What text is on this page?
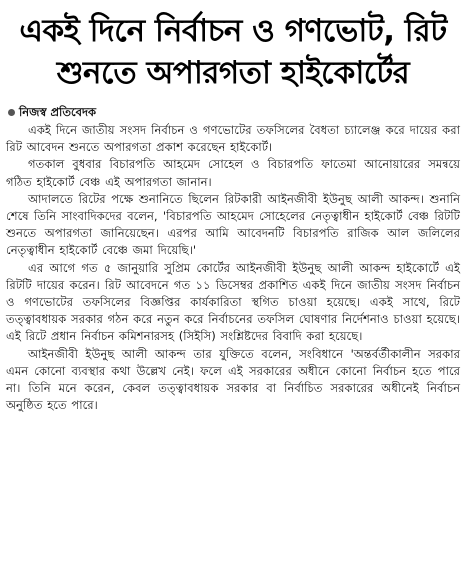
একই দিনে নির্বাচন ও গণভোট, রিট
শুনতে অপারগতা হাইকোর্টের
নিজস্ব প্রতিবেদক

একই দিনে জাতীয় সংসদ নির্বাচন ও গণভোটের তফসিলের বৈধতা চ্যালেঞ্জ করে দায়ের করা রিট আবেদন শুনতে অপারগতা প্রকাশ করেছেন হাইকোর্ট।

গতকাল বুধবার বিচারপতি আহমেদ সোহেল ও বিচারপতি ফাতেমা আনোয়ারের সমন্বয়ে গঠিত হাইকোর্ট বেঞ্চ এই অপারগতা জানান।

আদালতে রিটের পক্ষে শুনানিতে ছিলেন রিটকারী আইনজীবী ইউনুছ আলী আকন্দ। শুনানি শেষে তিনি সাংবাদিকদের বলেন, 'বিচারপতি আহমেদ সোহেলের নেতৃত্বাধীন হাইকোর্ট বেঞ্চ রিটটি শুনতে অপারগতা জানিয়েছেন। এরপর আমি আবেদনটি বিচারপতি রাজিক আল জলিলের নেতৃত্বাধীন হাইকোর্ট বেঞ্চে জমা দিয়েছি।'

এর আগে গত ৫ জানুয়ারি সুপ্রিম কোর্টের আইনজীবী ইউনুছ আলী আকন্দ হাইকোর্টে এই রিটটি দায়ের করেন। রিট আবেদনে গত ১১ ডিসেম্বর প্রকাশিত একই দিনে জাতীয় সংসদ নির্বাচন ও গণভোটের তফসিলের বিজ্ঞপ্তির কার্যকারিতা স্থগিত চাওয়া হয়েছে। একই সাথে, রিটে তত্ত্বাবধায়ক সরকার গঠন করে নতুন করে নির্বাচনের তফসিল ঘোষণার নির্দেশনাও চাওয়া হয়েছে। এই রিটে প্রধান নির্বাচন কমিশনারসহ (সিইসি) সংশ্লিষ্টদের বিবাদি করা হয়েছে।

আইনজীবী ইউনুছ আলী আকন্দ তার যুক্তিতে বলেন, সংবিধানে 'অন্তর্বর্তীকালীন সরকার এমন কোনো ব্যবস্থার কথা উল্লেখ নেই। ফলে এই সরকারের অধীনে কোনো নির্বাচন হতে পারে না। তিনি মনে করেন, কেবল তত্ত্বাবধায়ক সরকার বা নির্বাচিত সরকারের অধীনেই নির্বাচন অনুষ্ঠিত হতে পারে।
